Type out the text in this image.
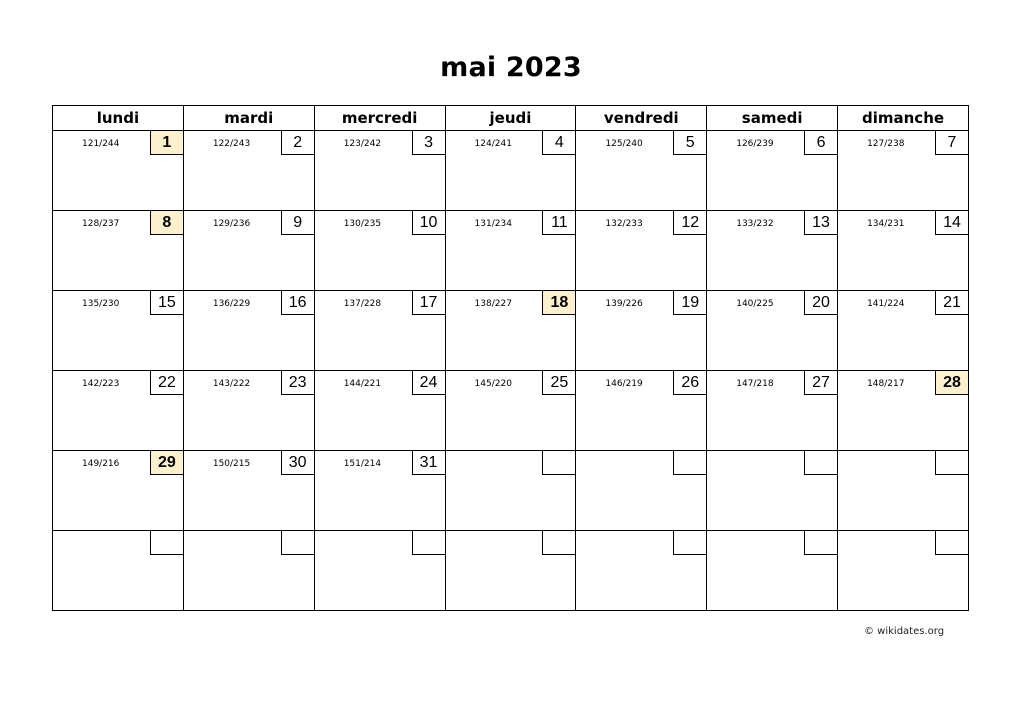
mai 2023
lundi	mardi	mercredi	jeudi	vendredi	samedi	dimanche

121/244 1	122/243 2	123/242 3	124/241 4	125/240 5	126/239 6	127/238 7

128/237 8	129/236 9	130/235 10	131/234 11	132/233 12	133/232 13	134/231 14

135/230 15	136/229 16	137/228 17	138/227 18	139/226 19	140/225 20	141/224 21

142/223 22	143/222 23	144/221 24	145/220 25	146/219 26	147/218 27	148/217 28

149/216 29	150/215 30	151/214 31				

© wikidates.org
